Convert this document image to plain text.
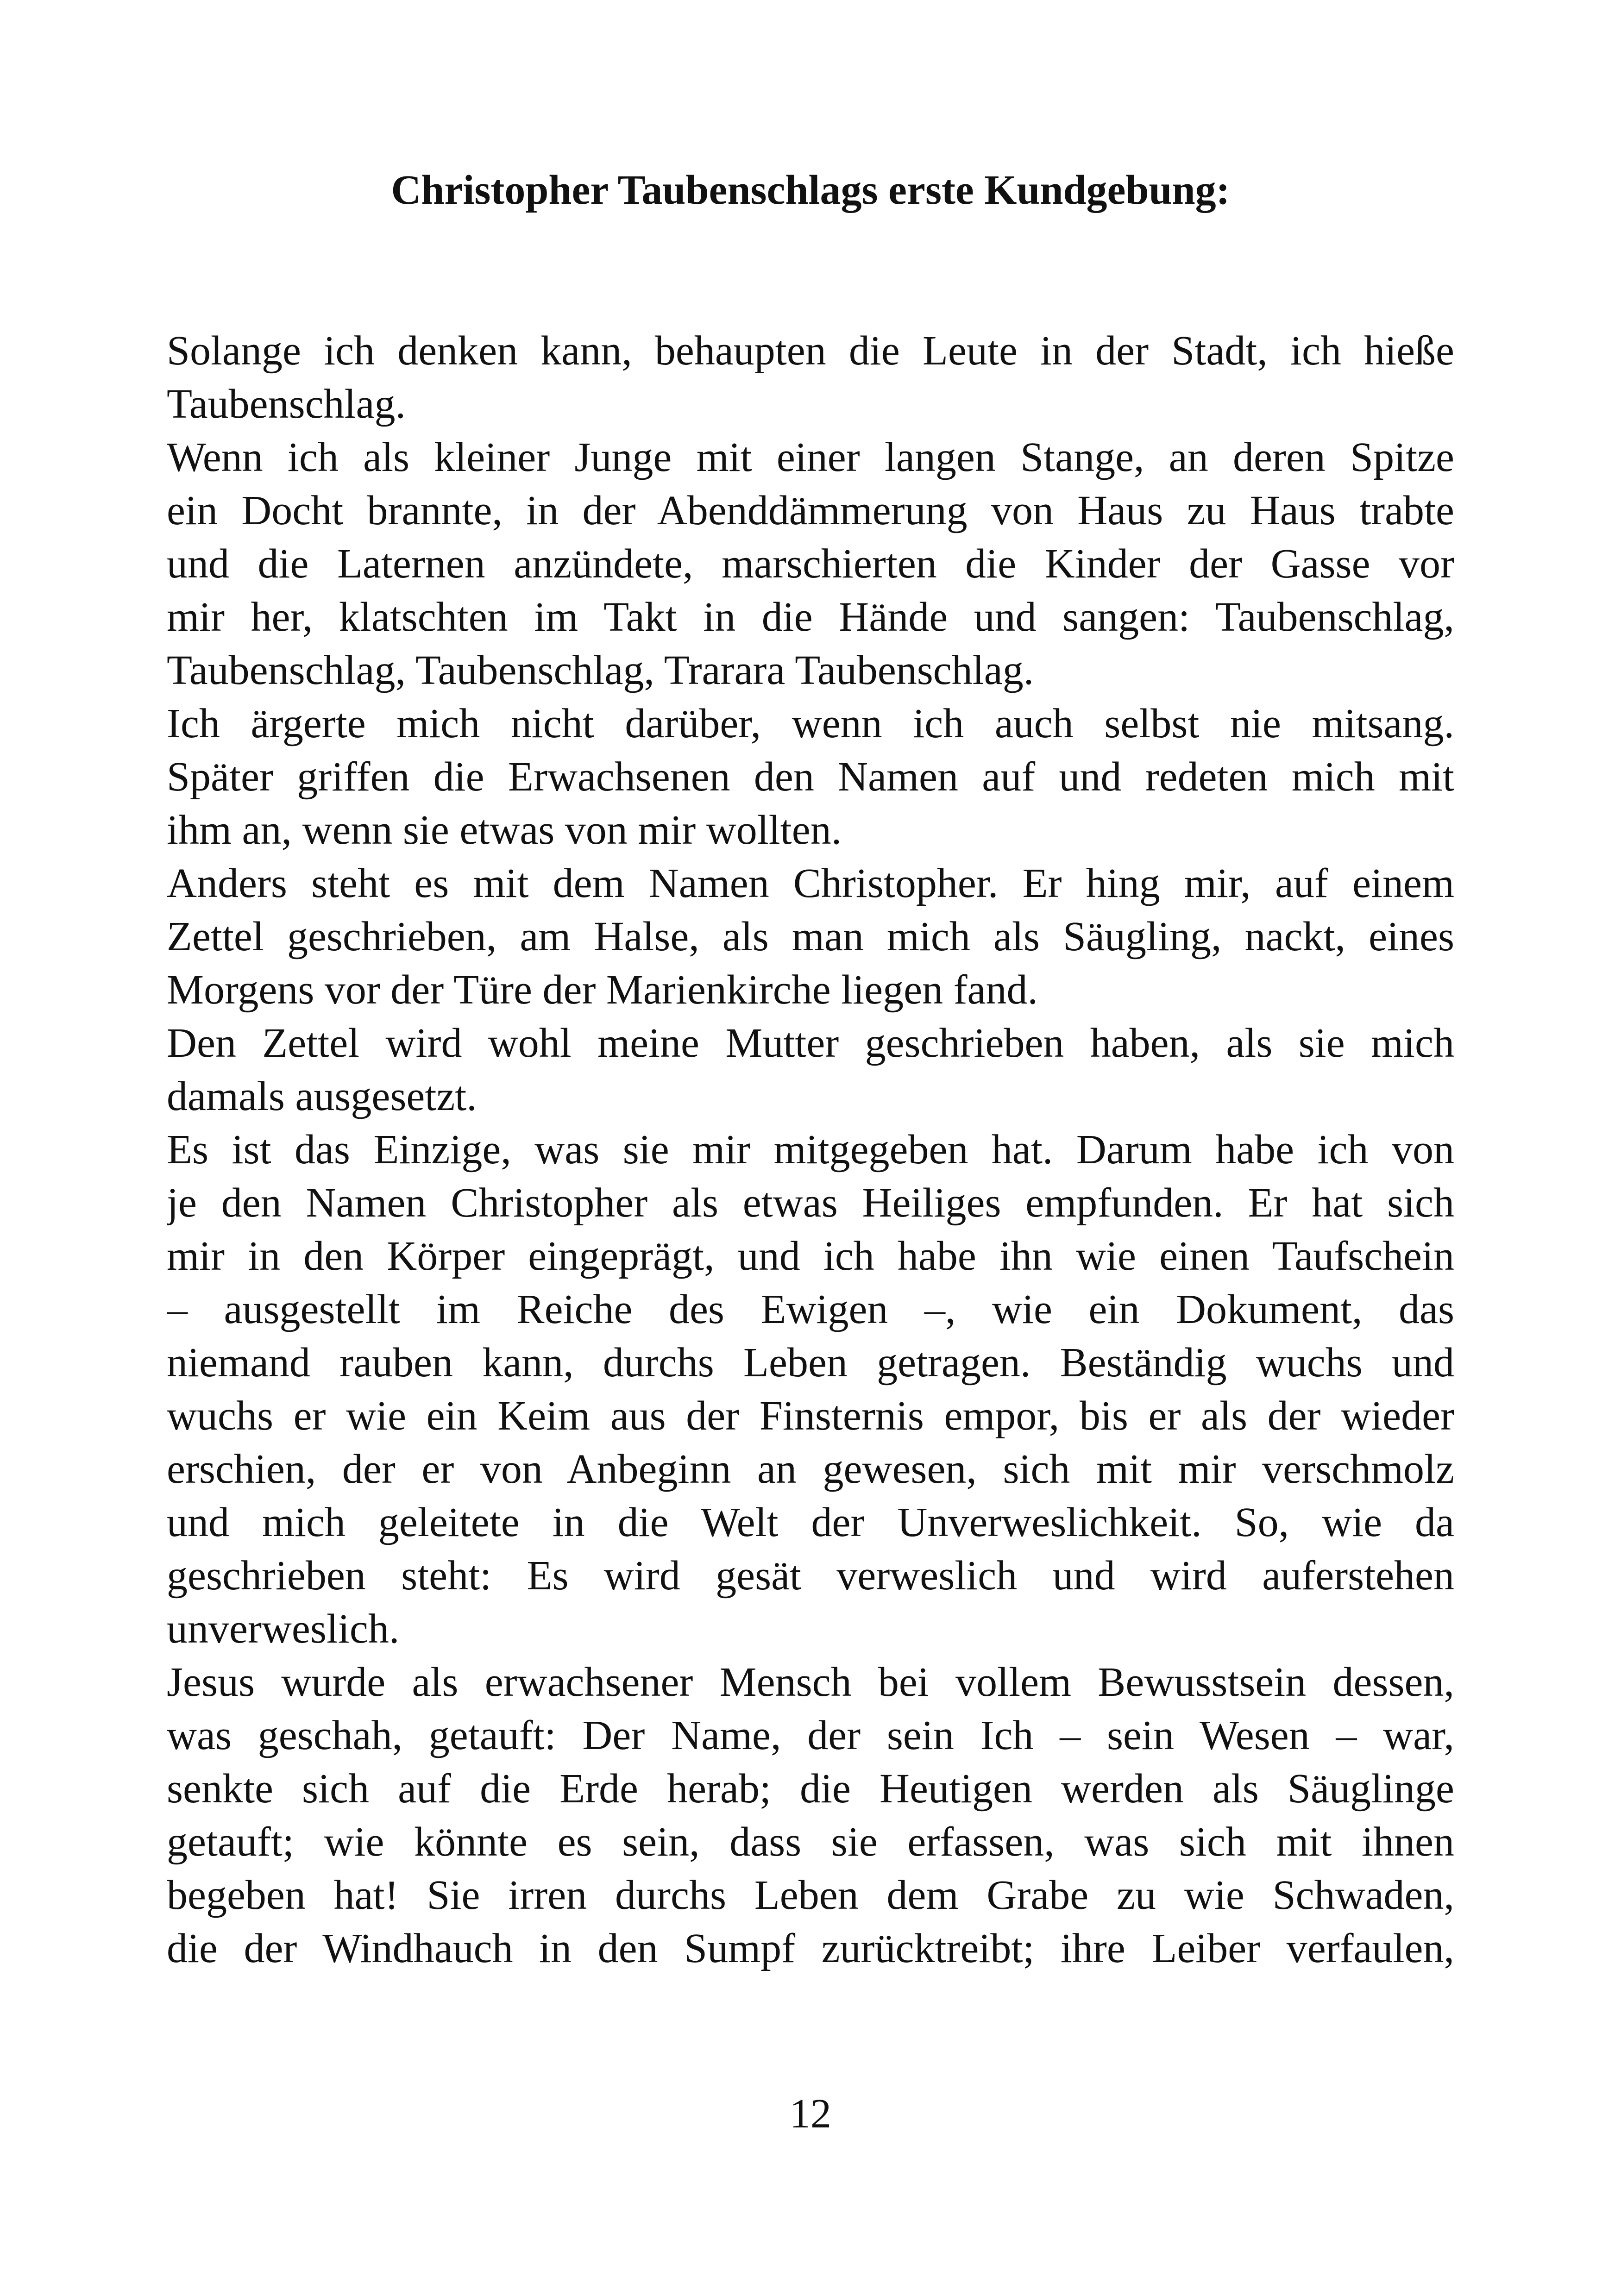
Christopher Taubenschlags erste Kundgebung:
Solange ich denken kann, behaupten die Leute in der Stadt, ich hieße
Taubenschlag.
Wenn ich als kleiner Junge mit einer langen Stange, an deren Spitze
ein Docht brannte, in der Abenddämmerung von Haus zu Haus trabte
und die Laternen anzündete, marschierten die Kinder der Gasse vor
mir her, klatschten im Takt in die Hände und sangen: Taubenschlag,
Taubenschlag, Taubenschlag, Trarara Taubenschlag.
Ich ärgerte mich nicht darüber, wenn ich auch selbst nie mitsang.
Später griffen die Erwachsenen den Namen auf und redeten mich mit
ihm an, wenn sie etwas von mir wollten.
Anders steht es mit dem Namen Christopher. Er hing mir, auf einem
Zettel geschrieben, am Halse, als man mich als Säugling, nackt, eines
Morgens vor der Türe der Marienkirche liegen fand.
Den Zettel wird wohl meine Mutter geschrieben haben, als sie mich
damals ausgesetzt.
Es ist das Einzige, was sie mir mitgegeben hat. Darum habe ich von
je den Namen Christopher als etwas Heiliges empfunden. Er hat sich
mir in den Körper eingeprägt, und ich habe ihn wie einen Taufschein
– ausgestellt im Reiche des Ewigen –, wie ein Dokument, das
niemand rauben kann, durchs Leben getragen. Beständig wuchs und
wuchs er wie ein Keim aus der Finsternis empor, bis er als der wieder
erschien, der er von Anbeginn an gewesen, sich mit mir verschmolz
und mich geleitete in die Welt der Unverweslichkeit. So, wie da
geschrieben steht: Es wird gesät verweslich und wird auferstehen
unverweslich.
Jesus wurde als erwachsener Mensch bei vollem Bewusstsein dessen,
was geschah, getauft: Der Name, der sein Ich – sein Wesen – war,
senkte sich auf die Erde herab; die Heutigen werden als Säuglinge
getauft; wie könnte es sein, dass sie erfassen, was sich mit ihnen
begeben hat! Sie irren durchs Leben dem Grabe zu wie Schwaden,
die der Windhauch in den Sumpf zurücktreibt; ihre Leiber verfaulen,
12
